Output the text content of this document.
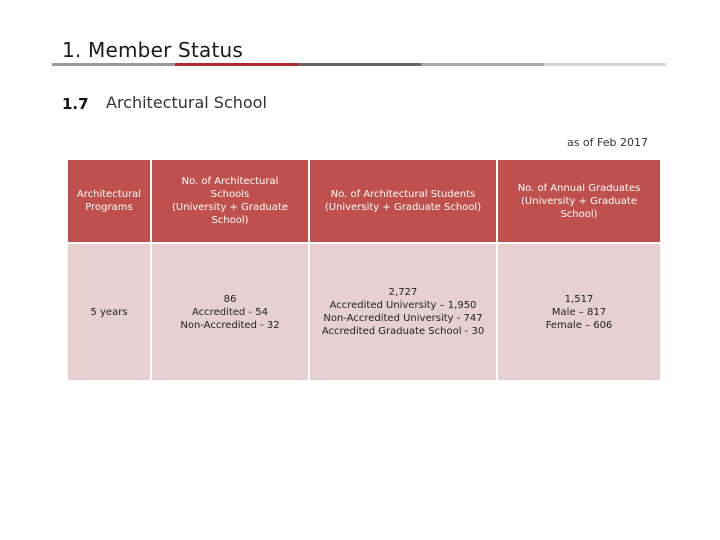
1. Member Status
1.7 Architectural School
as of Feb 2017
Architectural
Programs	No. of Architectural
Schools
(University + Graduate
School)	No. of Architectural Students
(University + Graduate School)	No. of Annual Graduates
(University + Graduate
School)

5 years	86
Accredited - 54
Non-Accredited - 32	2,727
Accredited University – 1,950
Non-Accredited University - 747
Accredited Graduate School - 30	1,517
Male – 817
Female – 606
